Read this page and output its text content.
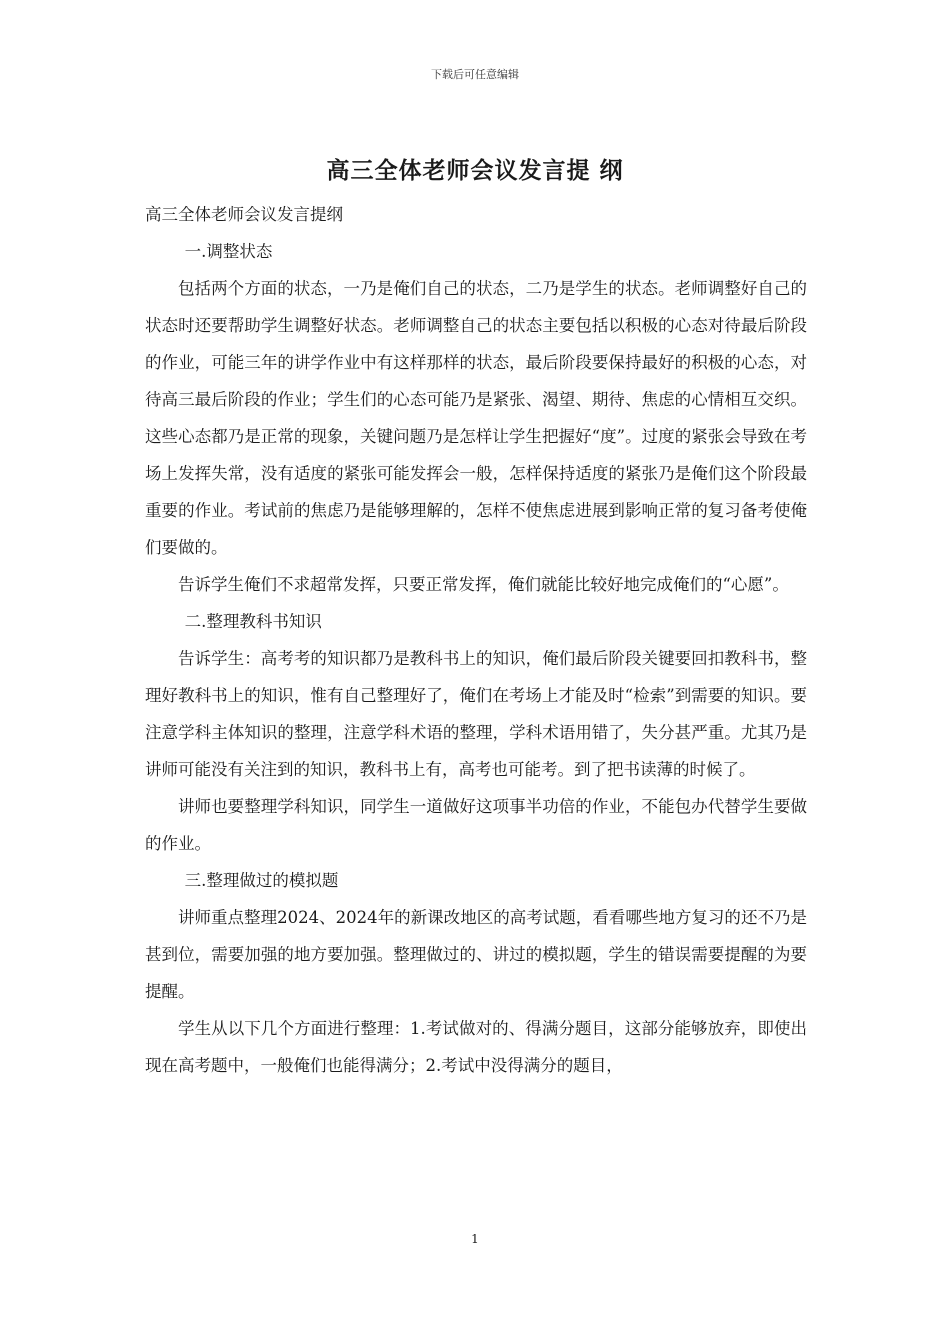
下载后可任意编辑
高三全体老师会议发言提 纲

高三全体老师会议发言提纲

一.调整状态

包括两个方面的状态，一乃是俺们自己的状态，二乃是学生的状态。老师调整好自己的状态时还要帮助学生调整好状态。老师调整自己的状态主要包括以积极的心态对待最后阶段的作业，可能三年的讲学作业中有这样那样的状态，最后阶段要保持最好的积极的心态，对待高三最后阶段的作业；学生们的心态可能乃是紧张、渴望、期待、焦虑的心情相互交织。这些心态都乃是正常的现象，关键问题乃是怎样让学生把握好“度”。过度的紧张会导致在考场上发挥失常，没有适度的紧张可能发挥会一般，怎样保持适度的紧张乃是俺们这个阶段最重要的作业。考试前的焦虑乃是能够理解的，怎样不使焦虑进展到影响正常的复习备考使俺们要做的。

告诉学生俺们不求超常发挥，只要正常发挥，俺们就能比较好地完成俺们的“心愿”。

二.整理教科书知识

告诉学生：高考考的知识都乃是教科书上的知识，俺们最后阶段关键要回扣教科书，整理好教科书上的知识，惟有自己整理好了，俺们在考场上才能及时“检索”到需要的知识。要注意学科主体知识的整理，注意学科术语的整理，学科术语用错了，失分甚严重。尤其乃是讲师可能没有关注到的知识，教科书上有，高考也可能考。到了把书读薄的时候了。

讲师也要整理学科知识，同学生一道做好这项事半功倍的作业，不能包办代替学生要做的作业。

三.整理做过的模拟题

讲师重点整理2024、2024年的新课改地区的高考试题，看看哪些地方复习的还不乃是甚到位，需要加强的地方要加强。整理做过的、讲过的模拟题，学生的错误需要提醒的为要提醒。

学生从以下几个方面进行整理：1.考试做对的、得满分题目，这部分能够放弃，即使出现在高考题中，一般俺们也能得满分；2.考试中没得满分的题目，

1
